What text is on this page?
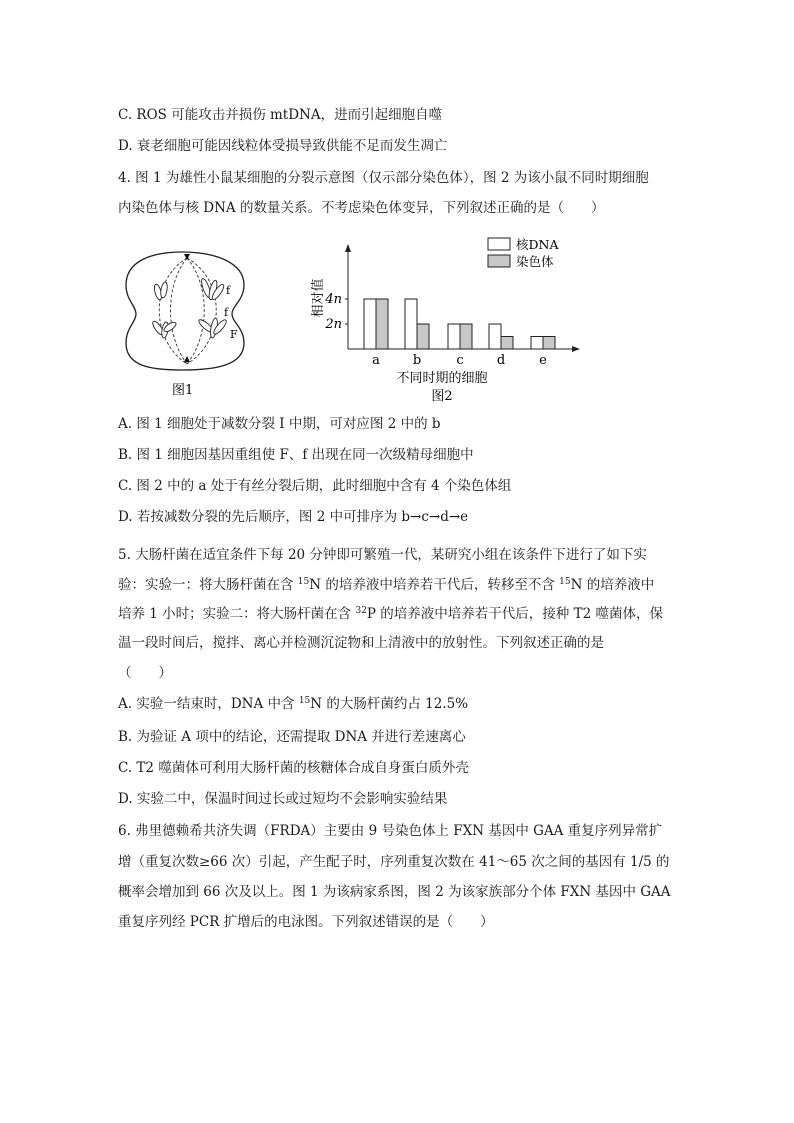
C. ROS 可能攻击并损伤 mtDNA，进而引起细胞自噬
D. 衰老细胞可能因线粒体受损导致供能不足而发生凋亡
4. 图 1 为雄性小鼠某细胞的分裂示意图（仅示部分染色体），图 2 为该小鼠不同时期细胞
内染色体与核 DNA 的数量关系。不考虑染色体变异，下列叙述正确的是（　　）
f
f
F
图1
相对值 4n
2n
a	b	c	d	e
核DNA
染色体
不同时期的细胞
图2
A. 图 1 细胞处于减数分裂 I 中期，可对应图 2 中的 b
B. 图 1 细胞因基因重组使 F、f 出现在同一次级精母细胞中
C. 图 2 中的 a 处于有丝分裂后期，此时细胞中含有 4 个染色体组
D. 若按减数分裂的先后顺序，图 2 中可排序为 b→c→d→e
5. 大肠杆菌在适宜条件下每 20 分钟即可繁殖一代，某研究小组在该条件下进行了如下实
验：实验一：将大肠杆菌在含 $^{15}$N 的培养液中培养若干代后，转移至不含 $^{15}$N 的培养液中
培养 1 小时；实验二：将大肠杆菌在含 $^{32}$P 的培养液中培养若干代后，接种 T2 噬菌体，保
温一段时间后，搅拌、离心并检测沉淀物和上清液中的放射性。下列叙述正确的是
（　　）
A. 实验一结束时，DNA 中含 $^{15}$N 的大肠杆菌约占 12.5%
B. 为验证 A 项中的结论，还需提取 DNA 并进行差速离心
C. T2 噬菌体可利用大肠杆菌的核糖体合成自身蛋白质外壳
D. 实验二中，保温时间过长或过短均不会影响实验结果
6. 弗里德赖希共济失调（FRDA）主要由 9 号染色体上 FXN 基因中 GAA 重复序列异常扩
增（重复次数≥66 次）引起，产生配子时，序列重复次数在 41～65 次之间的基因有 1/5 的
概率会增加到 66 次及以上。图 1 为该病家系图，图 2 为该家族部分个体 FXN 基因中 GAA
重复序列经 PCR 扩增后的电泳图。下列叙述错误的是（　　）
